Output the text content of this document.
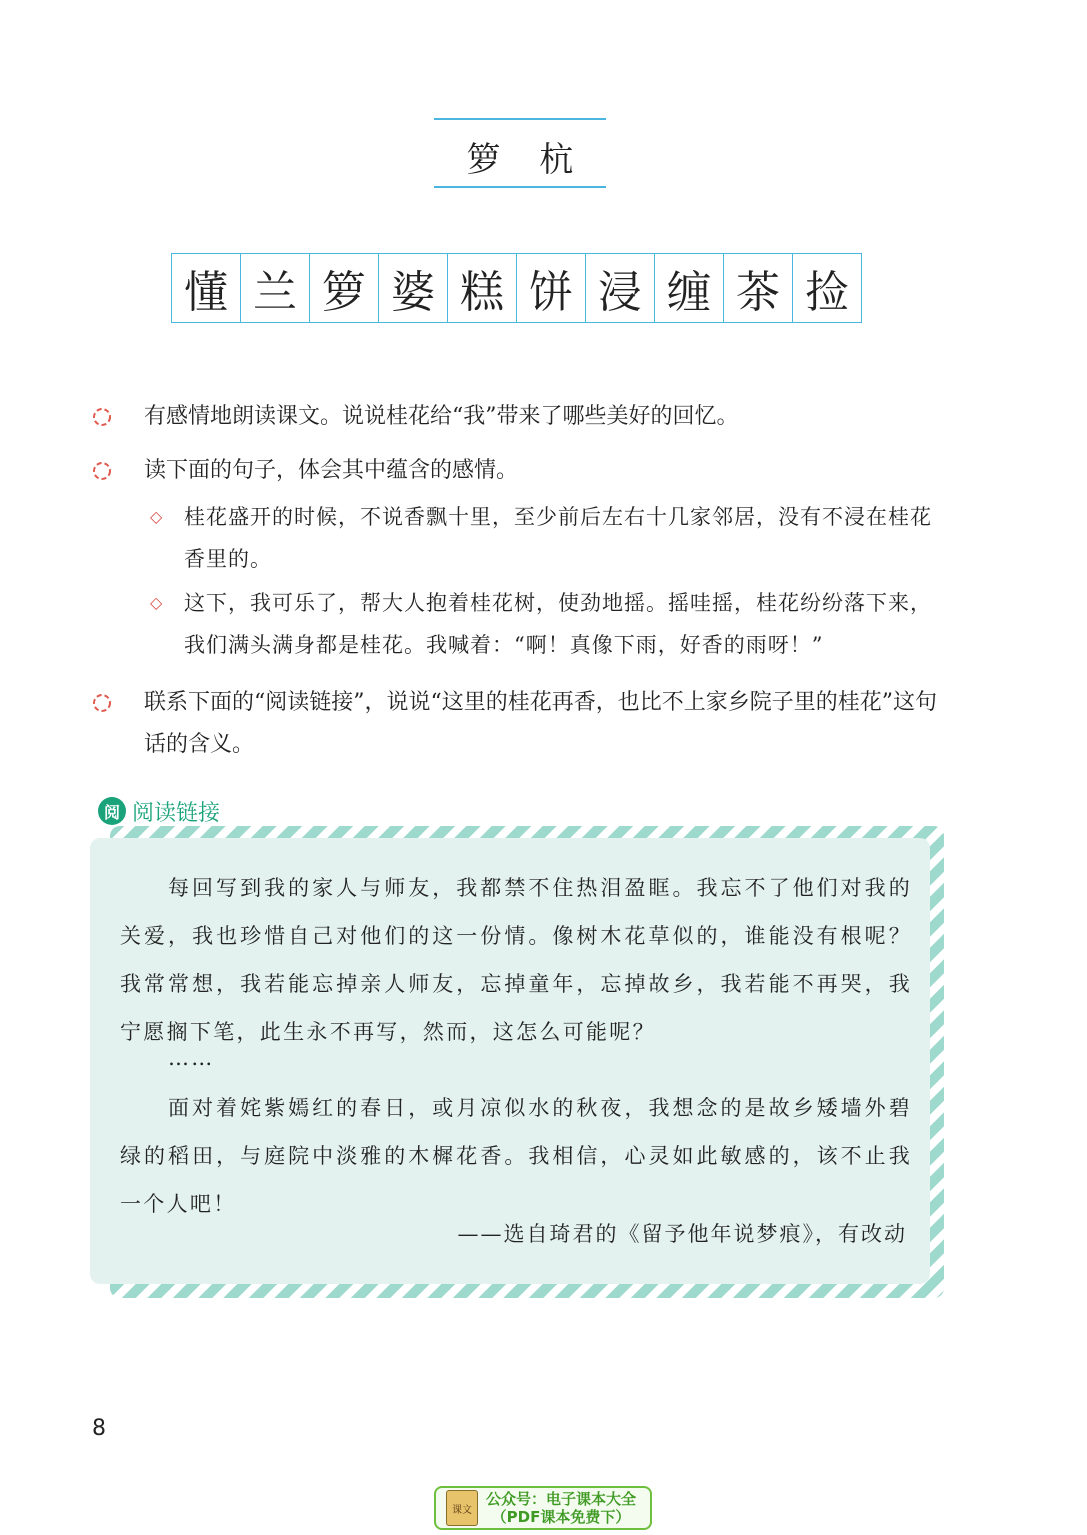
箩 杭
懂 兰 箩 婆 糕 饼 浸 缠 茶 捡
有感情地朗读课文。说说桂花给“我”带来了哪些美好的回忆。
读下面的句子，体会其中蕴含的感情。
◇ 桂花盛开的时候，不说香飘十里，至少前后左右十几家邻居，没有不浸在桂花香里的。
◇ 这下，我可乐了，帮大人抱着桂花树，使劲地摇。摇哇摇，桂花纷纷落下来，我们满头满身都是桂花。我喊着：“啊！真像下雨，好香的雨呀！”
联系下面的“阅读链接”，说说“这里的桂花再香，也比不上家乡院子里的桂花”这句话的含义。
阅 阅读链接
每回写到我的家人与师友，我都禁不住热泪盈眶。我忘不了他们对我的关爱，我也珍惜自己对他们的这一份情。像树木花草似的，谁能没有根呢？我常常想，我若能忘掉亲人师友，忘掉童年，忘掉故乡，我若能不再哭，我宁愿搁下笔，此生永不再写，然而，这怎么可能呢？
……
面对着姹紫嫣红的春日，或月凉似水的秋夜，我想念的是故乡矮墙外碧绿的稻田，与庭院中淡雅的木樨花香。我相信，心灵如此敏感的，该不止我一个人吧！
——选自琦君的《留予他年说梦痕》，有改动
8
课文
公众号：电子课本大全
（PDF课本免费下）
